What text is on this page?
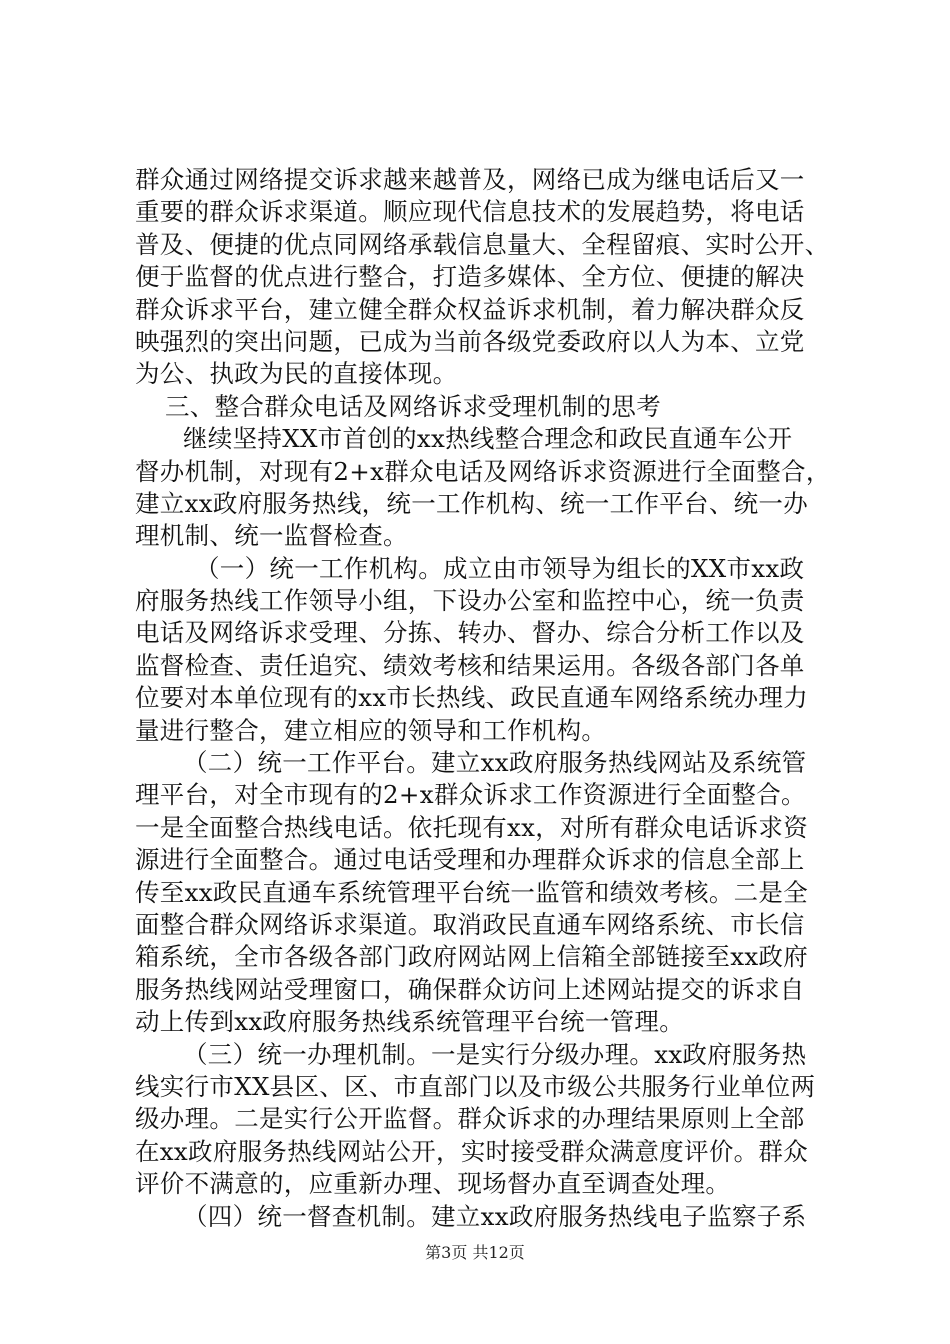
群众通过网络提交诉求越来越普及，网络已成为继电话后又一
重要的群众诉求渠道。顺应现代信息技术的发展趋势，将电话
普及、便捷的优点同网络承载信息量大、全程留痕、实时公开、
便于监督的优点进行整合，打造多媒体、全方位、便捷的解决
群众诉求平台，建立健全群众权益诉求机制，着力解决群众反
映强烈的突出问题，已成为当前各级党委政府以人为本、立党
为公、执政为民的直接体现。
三、整合群众电话及网络诉求受理机制的思考
继续坚持XX市首创的xx热线整合理念和政民直通车公开
督办机制，对现有2+x群众电话及网络诉求资源进行全面整合，
建立xx政府服务热线，统一工作机构、统一工作平台、统一办
理机制、统一监督检查。
（一）统一工作机构。成立由市领导为组长的XX市xx政
府服务热线工作领导小组，下设办公室和监控中心，统一负责
电话及网络诉求受理、分拣、转办、督办、综合分析工作以及
监督检查、责任追究、绩效考核和结果运用。各级各部门各单
位要对本单位现有的xx市长热线、政民直通车网络系统办理力
量进行整合，建立相应的领导和工作机构。
（二）统一工作平台。建立xx政府服务热线网站及系统管
理平台，对全市现有的2+x群众诉求工作资源进行全面整合。
一是全面整合热线电话。依托现有xx，对所有群众电话诉求资
源进行全面整合。通过电话受理和办理群众诉求的信息全部上
传至xx政民直通车系统管理平台统一监管和绩效考核。二是全
面整合群众网络诉求渠道。取消政民直通车网络系统、市长信
箱系统，全市各级各部门政府网站网上信箱全部链接至xx政府
服务热线网站受理窗口，确保群众访问上述网站提交的诉求自
动上传到xx政府服务热线系统管理平台统一管理。
（三）统一办理机制。一是实行分级办理。xx政府服务热
线实行市XX县区、区、市直部门以及市级公共服务行业单位两
级办理。二是实行公开监督。群众诉求的办理结果原则上全部
在xx政府服务热线网站公开，实时接受群众满意度评价。群众
评价不满意的，应重新办理、现场督办直至调查处理。
（四）统一督查机制。建立xx政府服务热线电子监察子系
第3页 共12页
